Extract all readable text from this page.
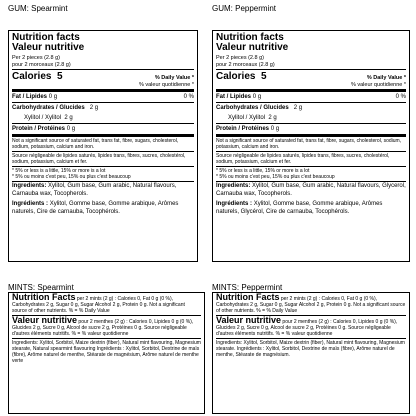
GUM: Spearmint
Nutrition facts
Valeur nutritive
Per 2 pieces (2.8 g)
pour 2 morceaux (2.8 g)
Calories 5	% Daily Value *
% valeur quotidienne *
Fat / Lipides 0 g	0 %
Carbohydrates / Glucides 2 g
Xylitol / Xylitol 2 g
Protein / Protéines 0 g
Not a significant source of saturated fat, trans fat, fibre, sugars, cholesterol, sodium, potassium, calcium and iron.
Source négligeable de lipides saturés, lipides trans, fibres, sucres, cholestérol, sodium, potassium, calcium et fer.
* 5% or less is a little, 15% or more is a lot
* 5% ou moins c'est peu, 15% ou plus c'est beaucoup
Ingredients: Xylitol, Gum base, Gum arabic, Natural flavours, Carnauba wax, Tocopherols.
Ingrédients : Xylitol, Gomme base, Gomme arabique, Arômes naturels, Cire de carnauba, Tocophérols.
GUM: Peppermint
Nutrition facts
Valeur nutritive
Per 2 pieces (2.8 g)
pour 2 morceaux (2.8 g)
Calories 5	% Daily Value *
% valeur quotidienne *
Fat / Lipides 0 g	0 %
Carbohydrates / Glucides 2 g
Xylitol / Xylitol 2 g
Protein / Protéines 0 g
Not a significant source of saturated fat, trans fat, fibre, sugars, cholesterol, sodium, potassium, calcium and iron.
Source négligeable de lipides saturés, lipides trans, fibres, sucres, cholestérol, sodium, potassium, calcium et fer.
* 5% or less is a little, 15% or more is a lot
* 5% ou moins c'est peu, 15% ou plus c'est beaucoup
Ingredients: Xylitol, Gum base, Gum arabic, Natural flavours, Glycerol, Carnauba wax, Tocopherols.
Ingrédients : Xylitol, Gomme base, Gomme arabique, Arômes naturels, Glycérol, Cire de carnauba, Tocophérols.
MINTS: Spearmint
Nutrition Facts per 2 mints (2 g) : Calories 0, Fat 0 g (0 %), Carbohydrates 2 g, Sugar 0 g, Sugar Alcohol 2 g, Protein 0 g. Not a significant source of other nutrients. % = % Daily Value
Valeur nutritive pour 2 menthes (2 g) : Calories 0, Lipides 0 g (0 %), Glucides 2 g, Sucre 0 g, Alcool de sucre 2 g, Protéines 0 g. Source négligeable d'autres éléments nutritifs. % = % valeur quotidienne
Ingredients: Xylitol, Sorbitol, Maize dextrin (fiber), Natural mint flavouring, Magnesium stearate, Natural spearmint flavouring Ingrédients : Xylitol, Sorbitol, Dextrine de maïs (fibre), Arôme naturel de menthe, Stéarate de magnésium, Arôme naturel de menthe verte
MINTS: Peppermint
Nutrition Facts per 2 mints (2 g) : Calories 0, Fat 0 g (0 %), Carbohydrates 2 g, Sugar 0 g, Sugar Alcohol 2 g, Protein 0 g. Not a significant source of other nutrients. % = % Daily Value
Valeur nutritive pour 2 menthes (2 g) : Calories 0, Lipides 0 g (0 %), Glucides 2 g, Sucre 0 g, Alcool de sucre 2 g, Protéines 0 g. Source négligeable d'autres éléments nutritifs. % = % valeur quotidienne
Ingredients: Xylitol, Sorbitol, Maize dextrin (fiber), Natural mint flavouring, Magnesium stearate. Ingrédients : Xylitol, Sorbitol, Dextrine de maïs (fibre), Arôme naturel de menthe, Stéarate de magnésium.
